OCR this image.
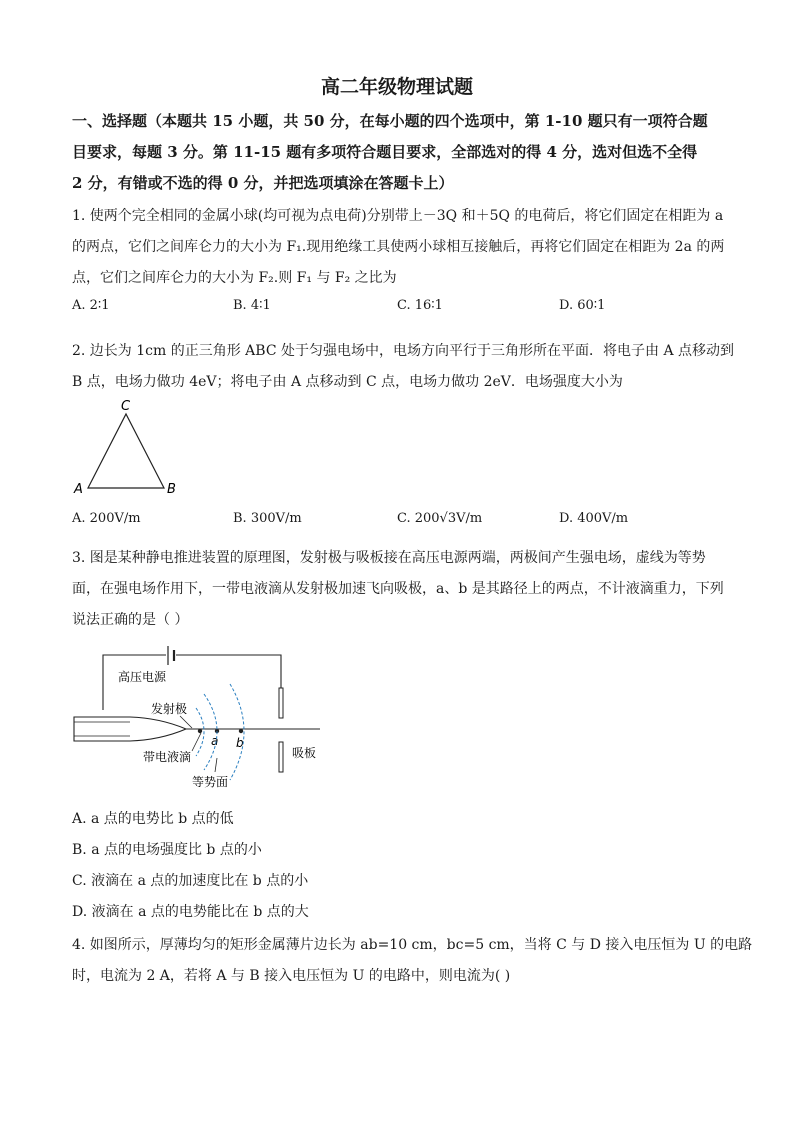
高二年级物理试题
一、选择题（本题共 15 小题，共 50 分，在每小题的四个选项中，第 1-10 题只有一项符合题
目要求，每题 3 分。第 11-15 题有多项符合题目要求，全部选对的得 4 分，选对但选不全得
2 分，有错或不选的得 0 分，并把选项填涂在答题卡上）
1. 使两个完全相同的金属小球(均可视为点电荷)分别带上－3Q 和＋5Q 的电荷后，将它们固定在相距为 a
的两点，它们之间库仑力的大小为 F₁.现用绝缘工具使两小球相互接触后，再将它们固定在相距为 2a 的两
点，它们之间库仑力的大小为 F₂.则 F₁ 与 F₂ 之比为
A. 2∶1	B. 4∶1	C. 16∶1	D. 60∶1
2. 边长为 1cm 的正三角形 ABC 处于匀强电场中，电场方向平行于三角形所在平面．将电子由 A 点移动到
B 点，电场力做功 4eV；将电子由 A 点移动到 C 点，电场力做功 2eV．电场强度大小为
C
A	B
A. 200V/m	B. 300V/m	C. 200√3V/m	D. 400V/m
3. 图是某种静电推进装置的原理图，发射极与吸板接在高压电源两端，两极间产生强电场，虚线为等势
面，在强电场作用下，一带电液滴从发射极加速飞向吸极，a、b 是其路径上的两点，不计液滴重力，下列
说法正确的是（ ）
高压电源
吸板
发射极
a b
带电液滴
等势面
A. a 点的电势比 b 点的低
B. a 点的电场强度比 b 点的小
C. 液滴在 a 点的加速度比在 b 点的小
D. 液滴在 a 点的电势能比在 b 点的大
4. 如图所示，厚薄均匀的矩形金属薄片边长为 ab=10 cm，bc=5 cm，当将 C 与 D 接入电压恒为 U 的电路
时，电流为 2 A，若将 A 与 B 接入电压恒为 U 的电路中，则电流为( )
